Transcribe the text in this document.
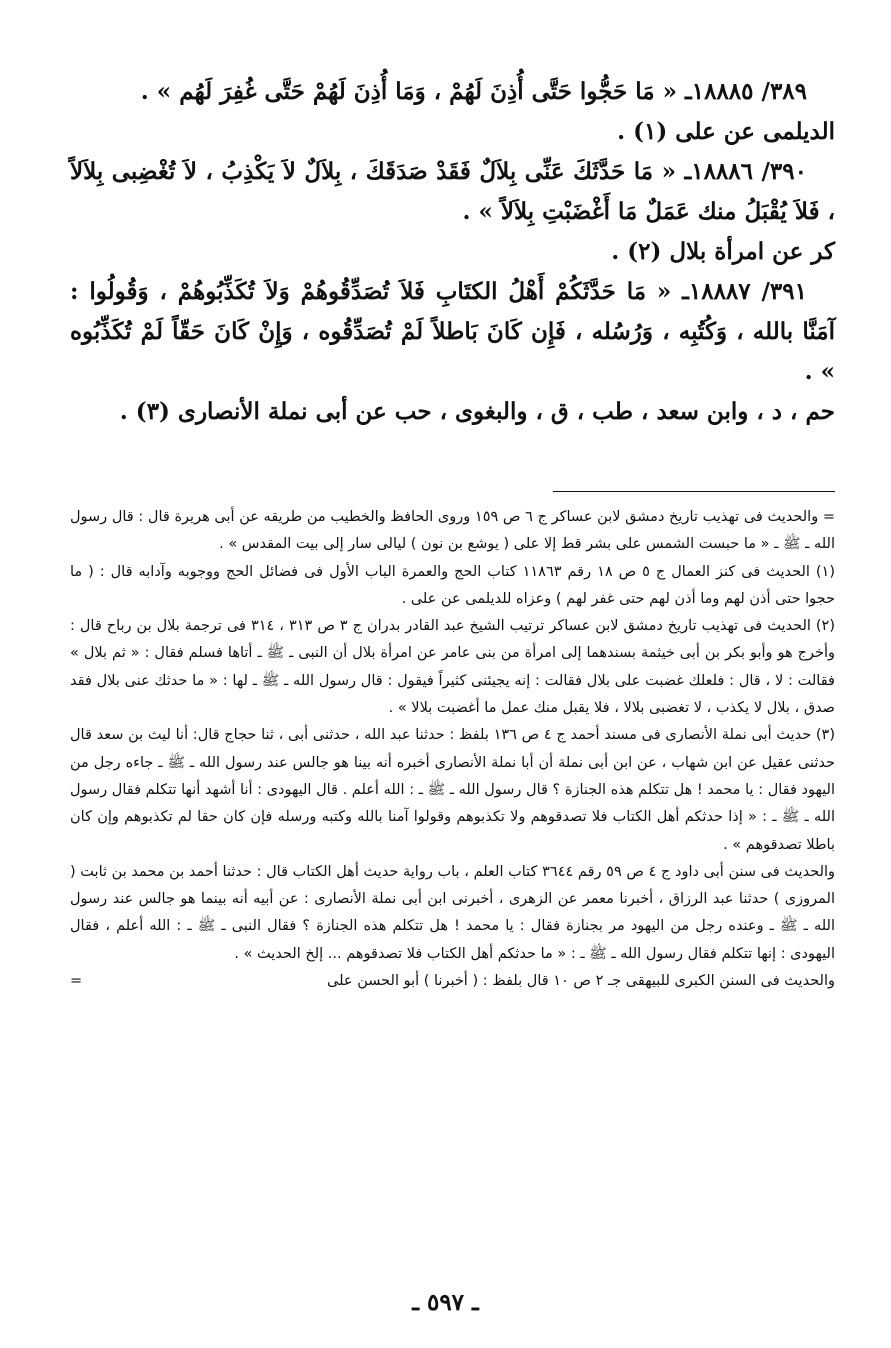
٣٨٩/ ١٨٨٨٥ـ « مَا حَجُّوا حَتَّى أُذِنَ لَهُمْ ، وَمَا أُذِنَ لَهُمْ حَتَّى غُفِرَ لَهُم » .

الديلمى عن على (١) .

٣٩٠/ ١٨٨٨٦ـ « مَا حَدَّثَكَ عَنِّى بِلاَلٌ فَقَدْ صَدَقَكَ ، بِلاَلٌ لاَ يَكْذِبُ ، لاَ تُغْضِبى بِلاَلاً ، فَلاَ يُقْبَلُ منك عَمَلٌ مَا أَغْضَبْتِ بِلاَلاً » .

كر عن امرأة بلال (٢) .

٣٩١/ ١٨٨٨٧ـ « مَا حَدَّثَكُمْ أَهْلُ الكتَابِ فَلاَ تُصَدِّقُوهُمْ وَلاَ تُكَذِّبُوهُمْ ، وَقُولُوا : آمَنَّا بالله ، وَكُتُبِه ، وَرُسُله ، فَإِن كَانَ بَاطلاً لَمْ تُصَدِّقُوه ، وَإِنْ كَانَ حَقّاً لَمْ تُكَذِّبُوه » .

حم ، د ، وابن سعد ، طب ، ق ، والبغوى ، حب عن أبى نملة الأنصارى (٣) .

= والحديث فى تهذيب تاريخ دمشق لابن عساكر ج ٦ ص ١٥٩ وروى الحافظ والخطيب من طريقه عن أبى هريرة قال : قال رسول الله ـ ﷺ ـ « ما حبست الشمس على بشر قط إلا على ( يوشع بن نون ) ليالى سار إلى بيت المقدس » .

(١) الحديث فى كنز العمال ج ٥ ص ١٨ رقم ١١٨٦٣ كتاب الحج والعمرة الباب الأول فى فضائل الحج ووجوبه وآدابه قال : ( ما حجوا حتى أذن لهم وما أذن لهم حتى غفر لهم ) وعزاه للديلمى عن على .

(٢) الحديث فى تهذيب تاريخ دمشق لابن عساكر ترتيب الشيخ عبد القادر بدران ج ٣ ص ٣١٣ ، ٣١٤ فى ترجمة بلال بن رباح قال : وأخرج هو وأبو بكر بن أبى خيثمة بسندهما إلى امرأة من بنى عامر عن امرأة بلال أن النبى ـ ﷺ ـ أتاها فسلم فقال : « ثم بلال » فقالت : لا ، قال : فلعلك غضبت على بلال فقالت : إنه يجيئنى كثيراً فيقول : قال رسول الله ـ ﷺ ـ لها : « ما حدثك عنى بلال فقد صدق ، بلال لا يكذب ، لا تغضبى بلالا ، فلا يقبل منك عمل ما أغضبت بلالا » .

(٣) حديث أبى نملة الأنصارى فى مسند أحمد ج ٤ ص ١٣٦ بلفظ : حدثنا عبد الله ، حدثنى أبى ، ثنا حجاج قال: أنا ليث بن سعد قال حدثنى عقيل عن ابن شهاب ، عن ابن أبى نملة أن أبا نملة الأنصارى أخبره أنه بينا هو جالس عند رسول الله ـ ﷺ ـ جاءه رجل من اليهود فقال : يا محمد ! هل تتكلم هذه الجنازة ؟ قال رسول الله ـ ﷺ ـ : الله أعلم . قال اليهودى : أنا أشهد أنها تتكلم فقال رسول الله ـ ﷺ ـ : « إذا حدثكم أهل الكتاب فلا تصدقوهم ولا تكذبوهم وقولوا آمنا بالله وكتبه ورسله فإن كان حقا لم تكذبوهم وإن كان باطلا تصدقوهم » .

والحديث فى سنن أبى داود ج ٤ ص ٥٩ رقم ٣٦٤٤ كتاب العلم ، باب رواية حديث أهل الكتاب قال : حدثنا أحمد بن محمد بن ثابت ( المروزى ) حدثنا عبد الرزاق ، أخبرنا معمر عن الزهرى ، أخبرنى ابن أبى نملة الأنصارى : عن أبيه أنه بينما هو جالس عند رسول الله ـ ﷺ ـ وعنده رجل من اليهود مر بجنازة فقال : يا محمد ! هل تتكلم هذه الجنازة ؟ فقال النبى ـ ﷺ ـ : الله أعلم ، فقال اليهودى : إنها تتكلم فقال رسول الله ـ ﷺ ـ : « ما حدثكم أهل الكتاب فلا تصدقوهم ... إلخ الحديث » .

والحديث فى السنن الكبرى للبيهقى جـ ٢ ص ١٠ قال بلفظ : ( أخبرنا ) أبو الحسن على
=

ـ ٥٩٧ ـ
